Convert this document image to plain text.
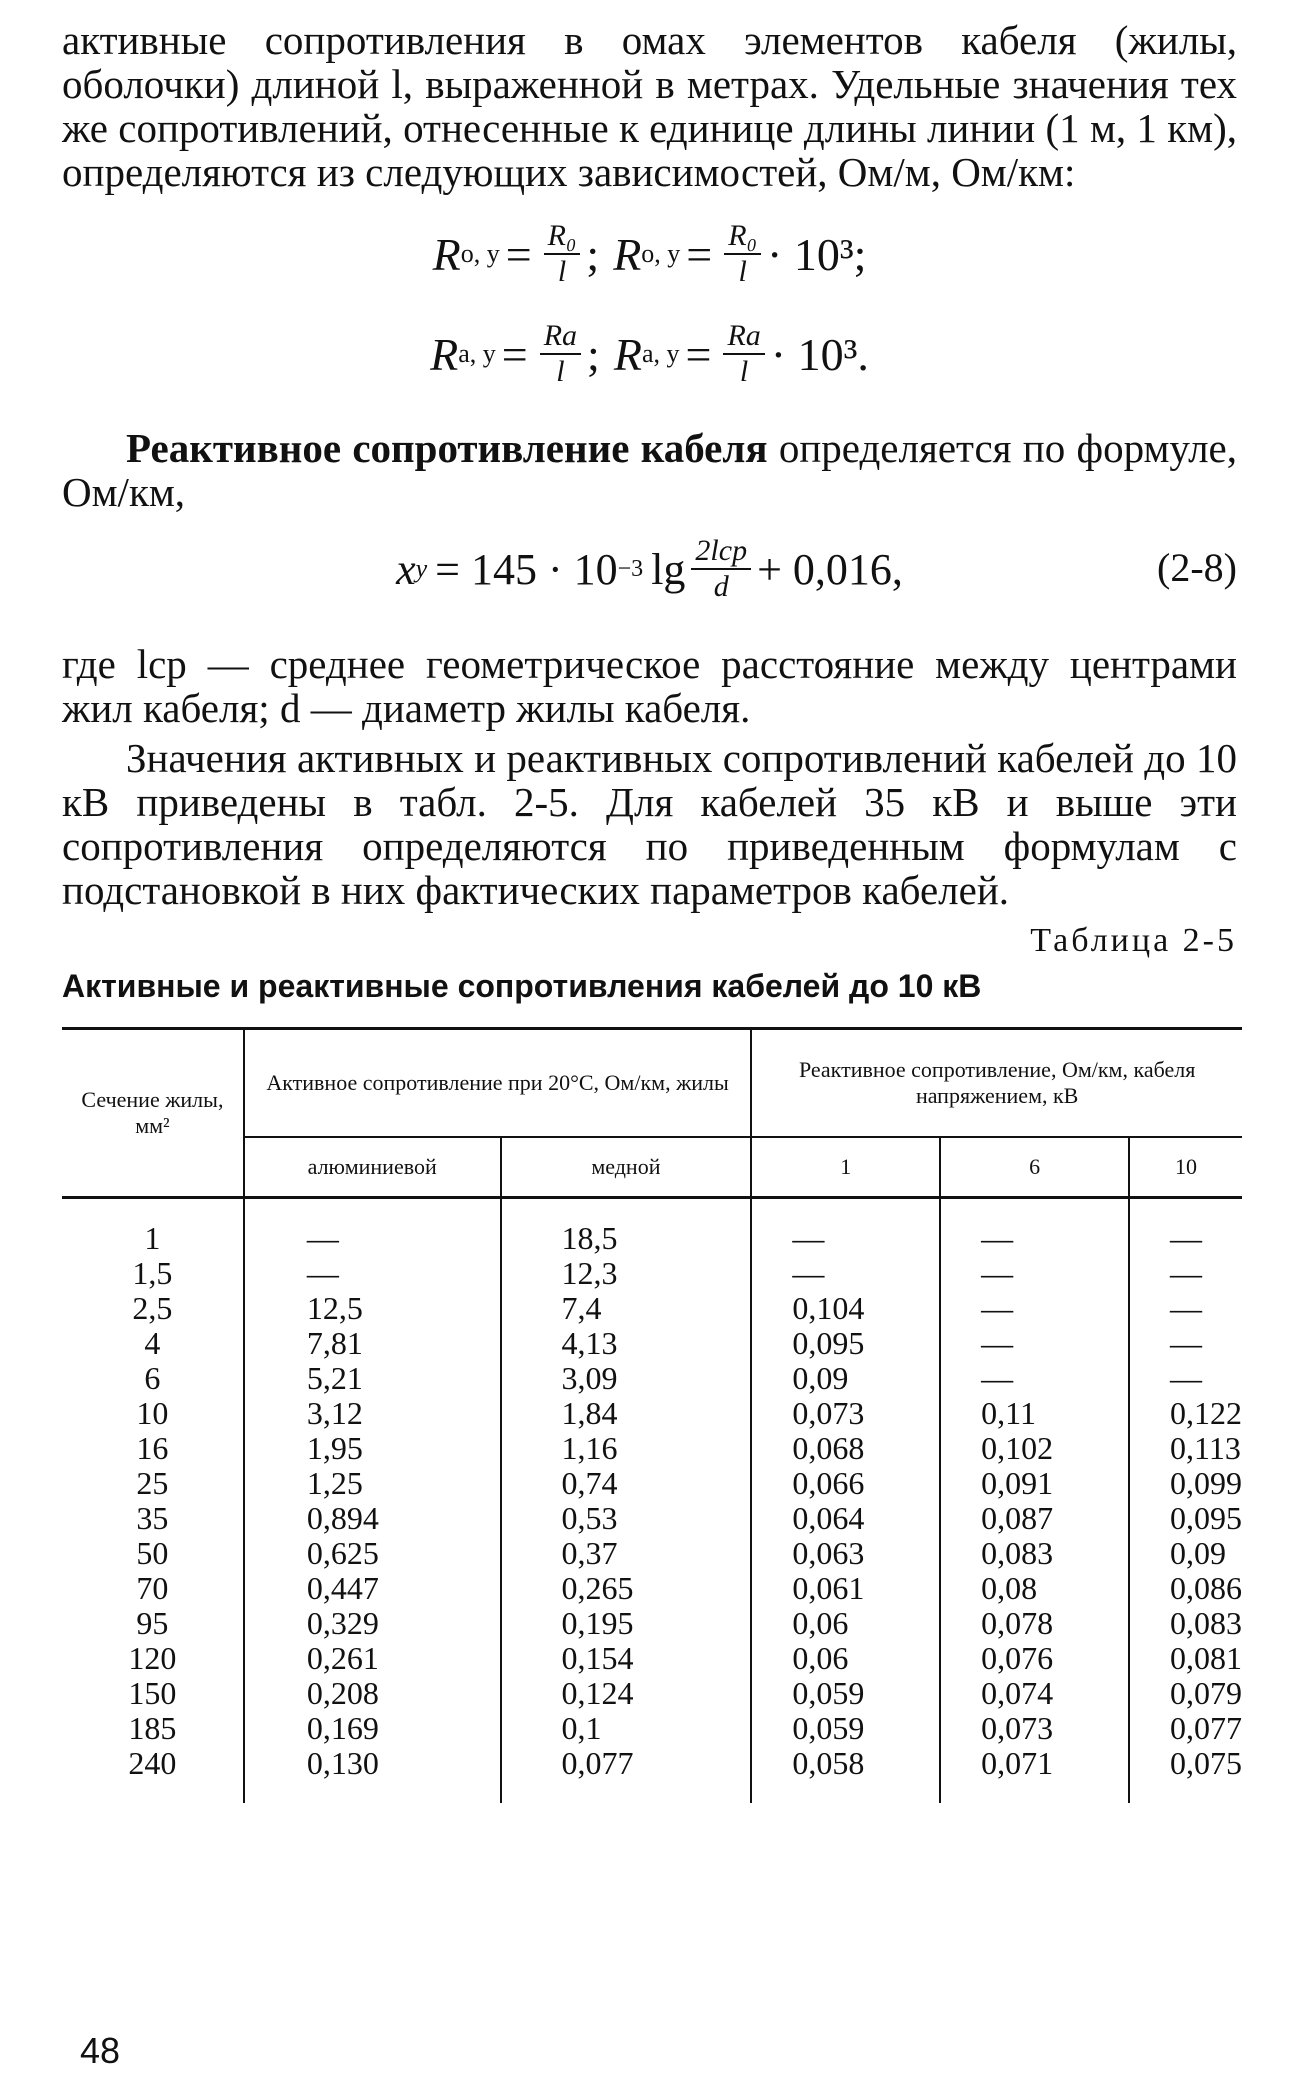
активные сопротивления в омах элементов кабеля (жилы, оболочки) длиной l, выраженной в метрах. Удельные значения тех же сопротивлений, отнесенные к единице длины линии (1 м, 1 км), определяются из следующих зависимостей, Ом/м, Ом/км:

R о, $у = \frac{\text{R₀}}{l}$ ; R о, $у = \frac{\text{R₀}}{l} \cdot 10^3$;
R а, $у = \frac{Rа}{l}$ ; R а, $у = \frac{Rа}{l} \cdot 10^3$.

Реактивное сопротивление кабеля определяется по формуле, Ом/км,

x y = 145 · 10 −3 $\lg \frac{\text{2lср}}{d} + 0,016$,	(2-8)

где lср — среднее геометрическое расстояние между центрами жил кабеля; d — диаметр жилы кабеля.

Значения активных и реактивных сопротивлений кабелей до 10 кВ приведены в табл. 2-5. Для кабелей 35 кВ и выше эти сопротивления определяются по приведенным формулам с подстановкой в них фактических параметров кабелей.

Таблица 2-5
Активные и реактивные сопротивления кабелей до 10 кВ
Сечение жилы, мм²	Активное сопротивление при 20°С, Ом/км, жилы		Реактивное сопротивление, Ом/км, кабеля напряжением, кВ		
	алюминиевой	медной	1	6	10

1	—	18,5	—	—	—
1,5	—	12,3	—	—	—
2,5	12,5	7,4	0,104	—	—
4	7,81	4,13	0,095	—	—
6	5,21	3,09	0,09	—	—
10	3,12	1,84	0,073	0,11	0,122
16	1,95	1,16	0,068	0,102	0,113
25	1,25	0,74	0,066	0,091	0,099
35	0,894	0,53	0,064	0,087	0,095
50	0,625	0,37	0,063	0,083	0,09
70	0,447	0,265	0,061	0,08	0,086
95	0,329	0,195	0,06	0,078	0,083
120	0,261	0,154	0,06	0,076	0,081
150	0,208	0,124	0,059	0,074	0,079
185	0,169	0,1	0,059	0,073	0,077
240	0,130	0,077	0,058	0,071	0,075

48
